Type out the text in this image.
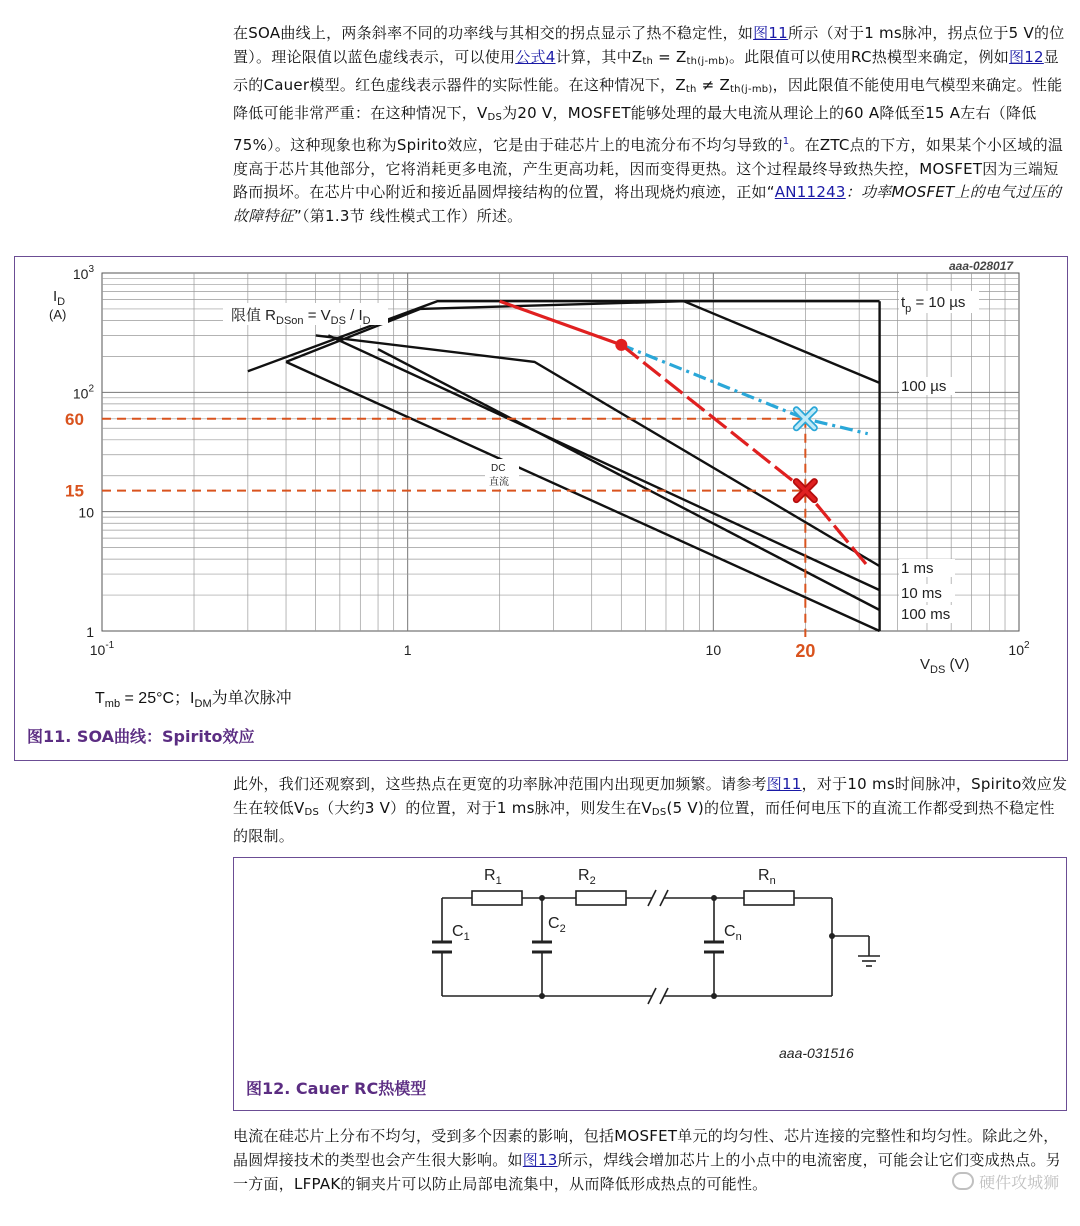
在SOA曲线上，两条斜率不同的功率线与其相交的拐点显示了热不稳定性，如图11所示（对于1 ms脉冲，拐点位于5 V的位置）。理论限值以蓝色虚线表示，可以使用公式4计算，其中$Z_{th} = Z_{th(j-mb)}$。此限值可以使用RC热模型来确定，例如图12显示的Cauer模型。红色虚线表示器件的实际性能。在这种情况下，$Z_{th} \ne Z_{th(j-mb)}$，因此限值不能使用电气模型来确定。性能降低可能非常严重：在这种情况下，$V_{DS}$为20 V，MOSFET能够处理的最大电流从理论上的60 A降低至15 A左右（降低75%）。这种现象也称为Spirito效应，它是由于硅芯片上的电流分布不均匀导致的$^1$。在ZTC点的下方，如果某个小区域的温度高于芯片其他部分，它将消耗更多电流，产生更高功耗，因而变得更热。这个过程最终导致热失控，MOSFET因为三端短路而损坏。在芯片中心附近和接近晶圆焊接结构的位置，将出现烧灼痕迹，正如“AN11243：功率MOSFET上的电气过压的故障特征”（第1.3节 线性模式工作）所述。

$10^{-1}$	1	10	$10^2$
$10^3$
$10^2$
10
1
$I_D$
(A)
$V_{DS}$ (V)
aaa-028017
限值 $R_{DSon} = V_{DS} / I_D$
$t_p = 10$ µs
100 µs
1 ms
10 ms
100 ms
DC
直流
60
15
20
$T_{mb} = 25^\circ C$；$I_{DM}$为单次脉冲
图11. SOA曲线：Spirito效应

此外，我们还观察到，这些热点在更宽的功率脉冲范围内出现更加频繁。请参考图11，对于10 ms时间脉冲，Spirito效应发生在较低$V_{DS}$（大约3 V）的位置，对于1 ms脉冲，则发生在$V_{DS}(5$ V)的位置，而任何电压下的直流工作都受到热不稳定性的限制。

$R_1$	$R_2$	$R_n$
$C_1$
$C_2$	$C_n$
aaa-031516
图12. Cauer RC热模型

电流在硅芯片上分布不均匀，受到多个因素的影响，包括MOSFET单元的均匀性、芯片连接的完整性和均匀性。除此之外，晶圆焊接技术的类型也会产生很大影响。如图13所示，焊线会增加芯片上的小点中的电流密度，可能会让它们变成热点。另一方面，LFPAK的铜夹片可以防止局部电流集中，从而降低形成热点的可能性。	硬件攻城狮
